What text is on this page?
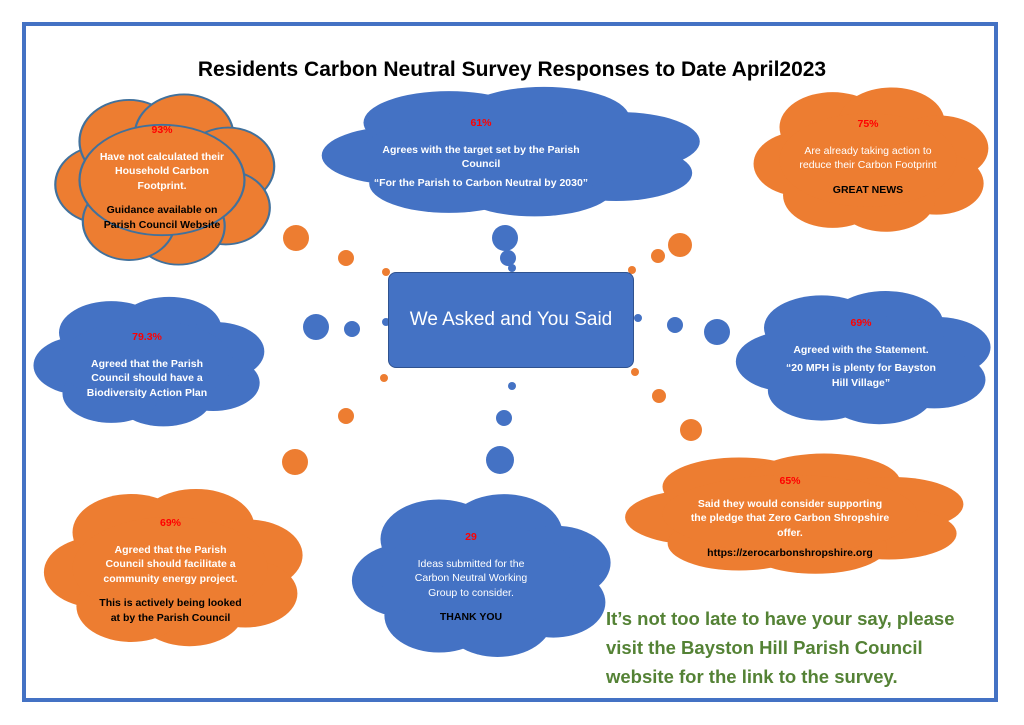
Residents Carbon Neutral Survey Responses to Date April2023
93%
Have not calculated their Household Carbon Footprint.
Guidance available on Parish Council Website
61%
Agrees with the target set by the Parish Council
“For the Parish to Carbon Neutral by 2030”
75%
Are already taking action to reduce their Carbon Footprint
GREAT NEWS
79.3%
Agreed that the Parish Council should have a Biodiversity Action Plan
69%
Agreed with the Statement.
“20 MPH is plenty for Bayston Hill Village”
65%
Said they would consider supporting the pledge that Zero Carbon Shropshire offer.
https://zerocarbonshropshire.org
69%
Agreed that the Parish Council should facilitate a community energy project.
This is actively being looked at by the Parish Council
29
Ideas submitted for the Carbon Neutral Working Group to consider.
THANK YOU
We Asked and You Said
It’s not too late to have your say, please visit the Bayston Hill Parish Council website for the link to the survey.
